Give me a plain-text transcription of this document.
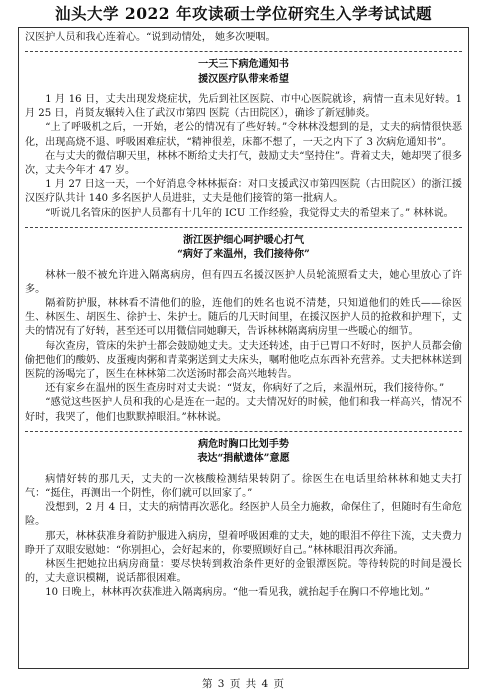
汕头大学 2022 年攻读硕士学位研究生入学考试试题

汉医护人员和我心连着心。“说到动情处， 她多次哽咽。

一天三下病危通知书
援汉医疗队带来希望

1 月 16 日，丈夫出现发烧症状，先后到社区医院、市中心医院就诊，病情一直未见好转。1 月 25 日，肖贤友辗转入住了武汉市第四 医院（古田院区），确诊了新冠肺炎。

“上了呼吸机之后，一开始，老公的情况有了些好转。”令林林没想到的是，丈夫的病情很快恶化，出现高烧不退、呼吸困难症状，“精神很差，床都不想了，一天之内下了 3 次病危通知书”。

在与丈夫的微信聊天里，林林不断给丈夫打气，鼓励丈夫“坚持住”。背着丈夫，她却哭了很多次，丈夫今年才 47 岁。

1 月 27 日这一天，一个好消息令林林振奋：对口支援武汉市第四医院（古田院区）的浙江援汉医疗队共计 140 多名医护人员进驻，丈夫是他们接管的第一批病人。

“听说几名管床的医护人员都有十几年的 ICU 工作经验，我觉得丈夫的希望来了。” 林林说。

浙江医护细心呵护暖心打气
“病好了来温州，我们接待你”

林林一般不被允许进入隔离病房，但有四五名援汉医护人员轮流照看丈夫，她心里放心了许多。

隔着防护服，林林看不清他们的脸，连他们的姓名也说不清楚，只知道他们的姓氏——徐医生、林医生、胡医生、徐护士、朱护士。随后的几天时间里，在援汉医护人员的抢救和护理下，丈夫的情况有了好转，甚至还可以用微信同她聊天，告诉林林隔离病房里一些暖心的细节。

每次查房，管床的朱护士都会鼓励她丈夫。丈夫还转述，由于已胃口不好时，医护人员都会偷偷把他们的酸奶、皮蛋瘦肉粥和青菜粥送到丈夫床头，嘱咐他吃点东西补充营养。丈夫把林林送到医院的汤喝完了，医生在林林第二次送汤时都会高兴地转告。

还有家乡在温州的医生查房时对丈夫说：“贤友，你病好了之后，来温州玩，我们接待你。”

“感觉这些医护人员和我的心是连在一起的。丈夫情况好的时候，他们和我一样高兴，情况不好时，我哭了，他们也默默掉眼泪。”林林说。

病危时胸口比划手势
表达“捐献遗体”意愿

病情好转的那几天，丈夫的一次核酸检测结果转阴了。徐医生在电话里给林林和她丈夫打气：“挺住，再测出一个阴性，你们就可以回家了。”

没想到，2 月 4 日，丈夫的病情再次恶化。经医护人员全力施救，命保住了，但随时有生命危险。

那天，林林获准身着防护服进入病房，望着呼吸困难的丈夫，她的眼泪不停往下流，丈夫费力睁开了双眼安慰她：“你别担心，会好起来的，你要照顾好自己。”林林眼泪再次奔涌。

林医生把她拉出病房商量：要尽快转到救治条件更好的金银潭医院。等待转院的时间是漫长的，丈夫意识模糊，说话都很困难。

10 日晚上，林林再次获准进入隔离病房。“他一看见我，就抬起手在胸口不停地比划。”

第 3 页 共 4 页
